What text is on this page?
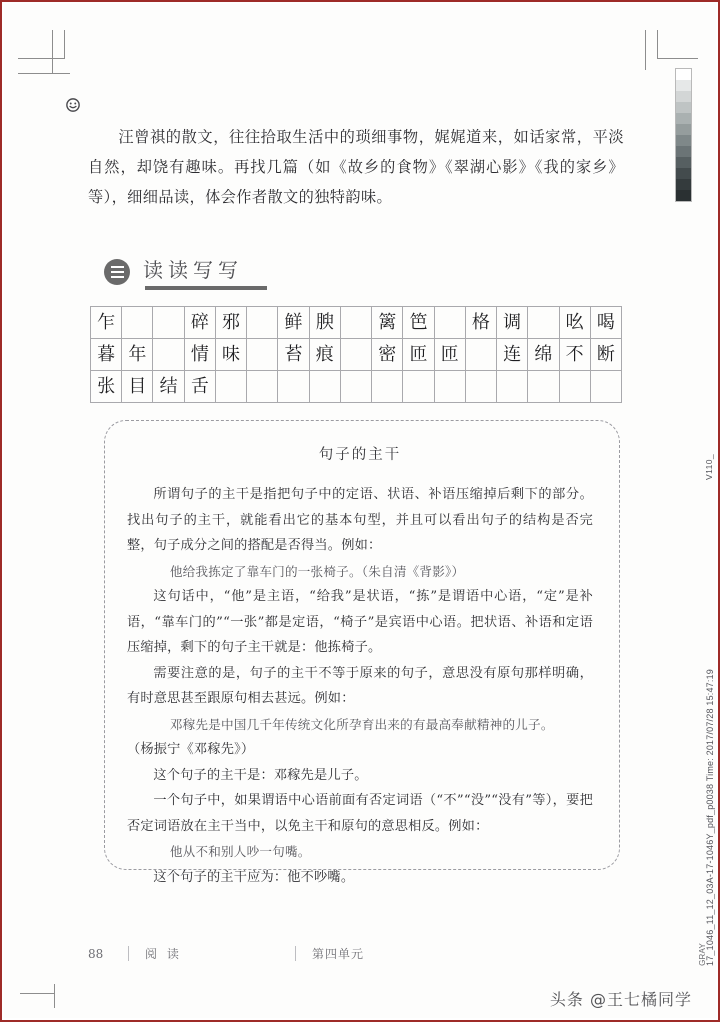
V110_
17_1046_11_12_03A-17-1046Y_pdf_p0038 Time: 2017/07/28 15:47:19
GRAY

汪曾祺的散文，往往拾取生活中的琐细事物，娓娓道来，如话家常，平淡自然，却饶有趣味。再找几篇（如《故乡的食物》《翠湖心影》《我的家乡》等），细细品读，体会作者散文的独特韵味。

读读写写
乍			碎	邪		鲜	腴		篱	笆		格	调		吆	喝
暮	年		情	味		苔	痕		密	匝	匝		连	绵	不	断
张	目	结	舌													
句子的主干

所谓句子的主干是指把句子中的定语、状语、补语压缩掉后剩下的部分。找出句子的主干，就能看出它的基本句型，并且可以看出句子的结构是否完整，句子成分之间的搭配是否得当。例如：

他给我拣定了靠车门的一张椅子。（朱自清《背影》）

这句话中，“他”是主语，“给我”是状语，“拣”是谓语中心语，“定”是补语，“靠车门的”“一张”都是定语，“椅子”是宾语中心语。把状语、补语和定语压缩掉，剩下的句子主干就是：他拣椅子。

需要注意的是，句子的主干不等于原来的句子，意思没有原句那样明确，有时意思甚至跟原句相去甚远。例如：

邓稼先是中国几千年传统文化所孕育出来的有最高奉献精神的儿子。

（杨振宁《邓稼先》）

这个句子的主干是：邓稼先是儿子。

一个句子中，如果谓语中心语前面有否定词语（“不”“没”“没有”等），要把否定词语放在主干当中，以免主干和原句的意思相反。例如：

他从不和别人吵一句嘴。

这个句子的主干应为：他不吵嘴。

88	阅 读	第四单元
头条 @王七橘同学
